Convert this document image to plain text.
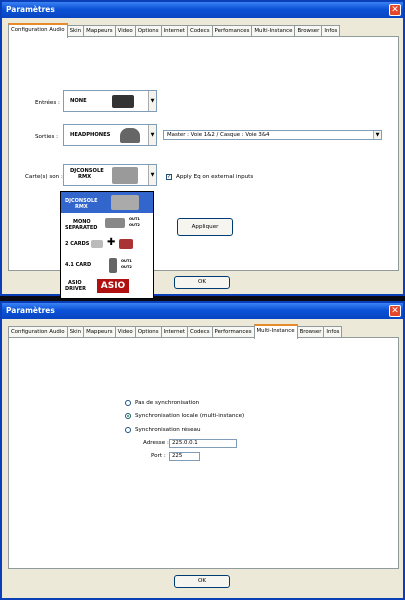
Paramètres	✕
Configuration Audio Skin Mappeurs Video Options Internet Codecs Perfomances Multi-Instance Browser Infos
Entrées : NONE	▼
Sorties : HEADPHONES	▼ Master : Voie 1&2 / Casque : Voie 3&4	▼
Carte(s) son :
DJCONSOLE
RMX	▼	✓ Apply Eq on external inputs
Appliquer
OK
DJCONSOLE
RMX
MONO
SEPARATED
OUT1
OUT2
2 CARDS ✚
4.1 CARD
OUT1
OUT2
ASIO
DRIVER	ASIO
Paramètres	✕
Configuration Audio Skin Mappeurs Video Options Internet Codecs Performances Multi-Instance Browser Infos
Pas de synchronisation
Synchronisation locale (multi-instance)
Synchronisation réseau
Adresse : 225.0.0.1
Port :	225
OK
